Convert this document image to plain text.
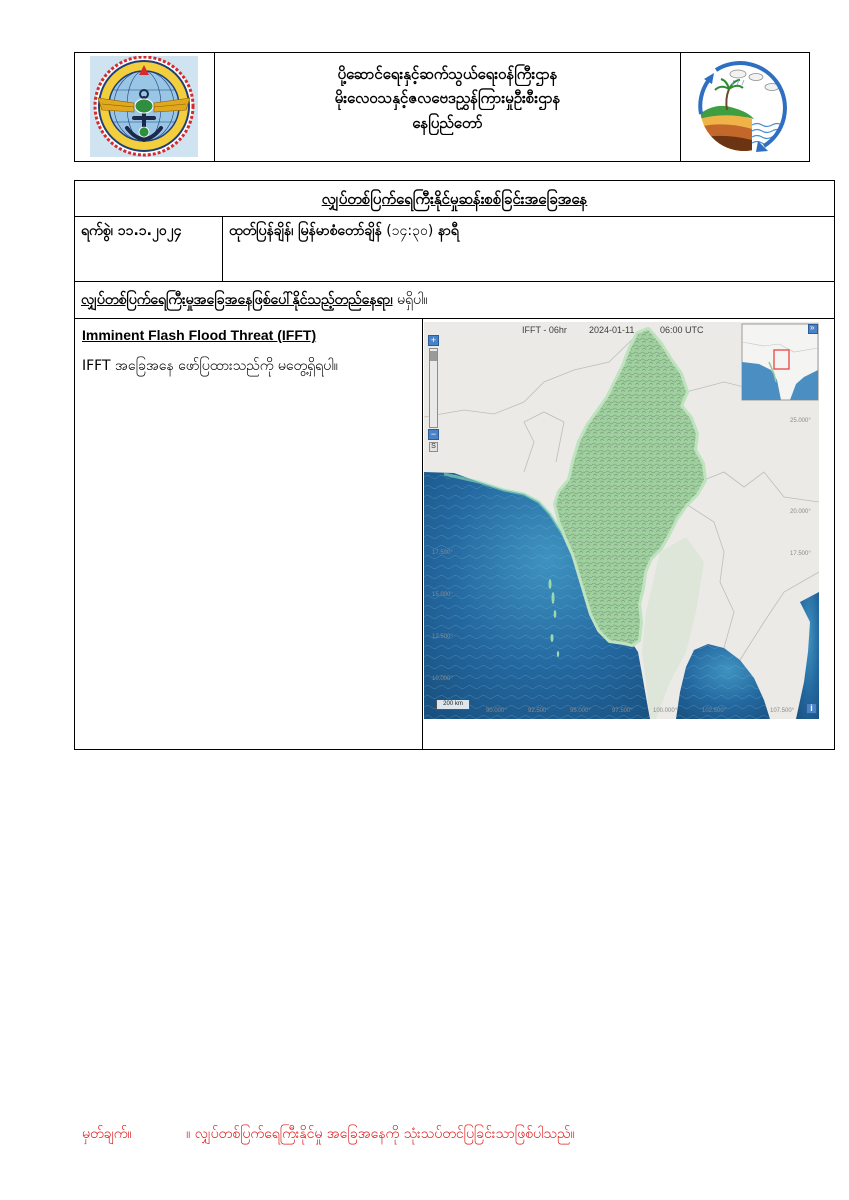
ပို့ဆောင်ရေးနှင့်ဆက်သွယ်ရေးဝန်ကြီးဌာန
မိုးလေဝသနှင့်ဇလဗေဒညွှန်ကြားမှုဦးစီးဌာန
နေပြည်တော်
လျှပ်တစ်ပြက်ရေကြီးနိုင်မှုဆန်းစစ်ခြင်းအခြေအနေ
ရက်စွဲ၊ ၁၁.၁.၂၀၂၄	ထုတ်ပြန်ချိန်၊ မြန်မာစံတော်ချိန် (၁၄:၃၀) နာရီ
လျှပ်တစ်ပြက်ရေကြီးမှုအခြေအနေဖြစ်ပေါ်နိုင်သည့်တည်နေရာ၊ မရှိပါ။
Imminent Flash Flood Threat (IFFT)
IFFT အခြေအနေ ဖော်ပြထားသည်ကို မတွေ့ရှိရပါ။
IFFT - 06hr 2024-01-11	06:00 UTC
+
−
S
»
i
200 km
17.500°
15.000°
12.500°
10.000°
25.000°
20.000°
17.500°
90.000°	92.500°	95.000°	97.500°	100.000°	102.500°	107.500°
မှတ်ချက်။	။ လျှပ်တစ်ပြက်ရေကြီးနိုင်မှု အခြေအနေကို သုံးသပ်တင်ပြခြင်းသာဖြစ်ပါသည်။
